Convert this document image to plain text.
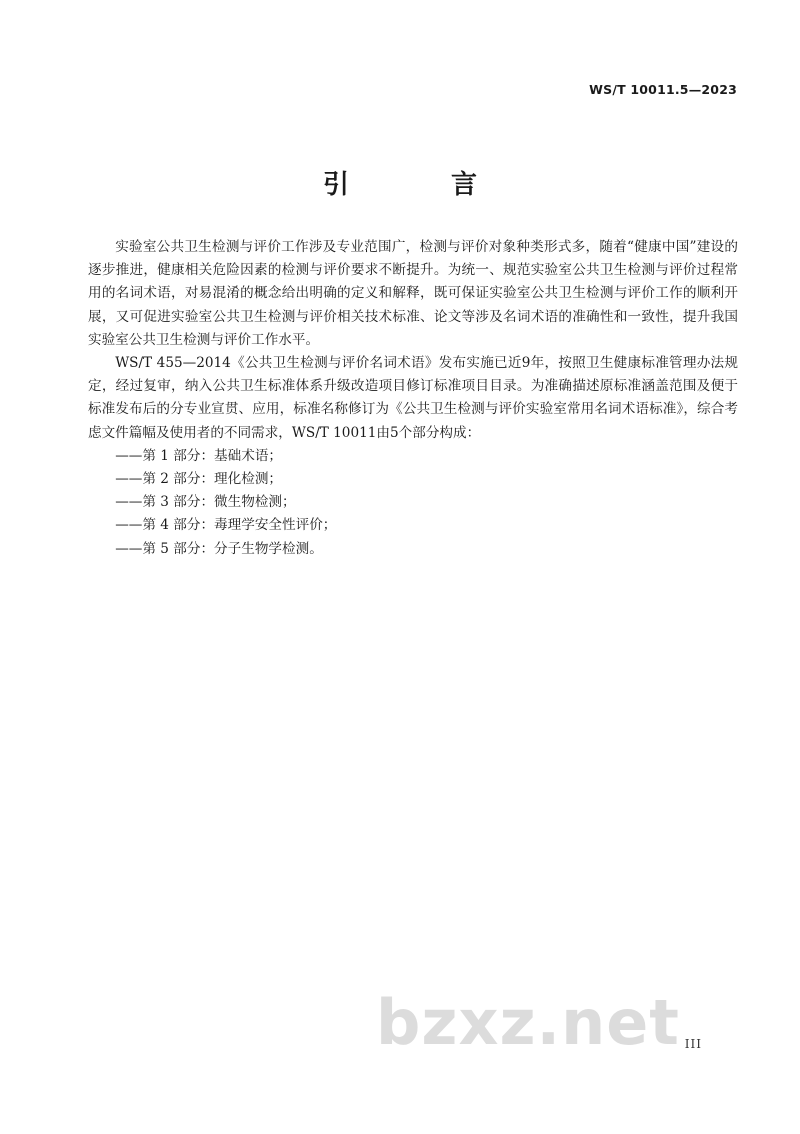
WS/T 10011.5—2023
引　言

实验室公共卫生检测与评价工作涉及专业范围广，检测与评价对象种类形式多，随着“健康中国”建设的逐步推进，健康相关危险因素的检测与评价要求不断提升。为统一、规范实验室公共卫生检测与评价过程常用的名词术语，对易混淆的概念给出明确的定义和解释，既可保证实验室公共卫生检测与评价工作的顺利开展，又可促进实验室公共卫生检测与评价相关技术标准、论文等涉及名词术语的准确性和一致性，提升我国实验室公共卫生检测与评价工作水平。

WS/T 455—2014《公共卫生检测与评价名词术语》发布实施已近9年，按照卫生健康标准管理办法规定，经过复审，纳入公共卫生标准体系升级改造项目修订标准项目目录。为准确描述原标准涵盖范围及便于标准发布后的分专业宣贯、应用，标准名称修订为《公共卫生检测与评价实验室常用名词术语标准》，综合考虑文件篇幅及使用者的不同需求，WS/T 10011由5个部分构成：

——第 1 部分：基础术语；
——第 2 部分：理化检测；
——第 3 部分：微生物检测；
——第 4 部分：毒理学安全性评价；
——第 5 部分：分子生物学检测。
bzxz.net III
